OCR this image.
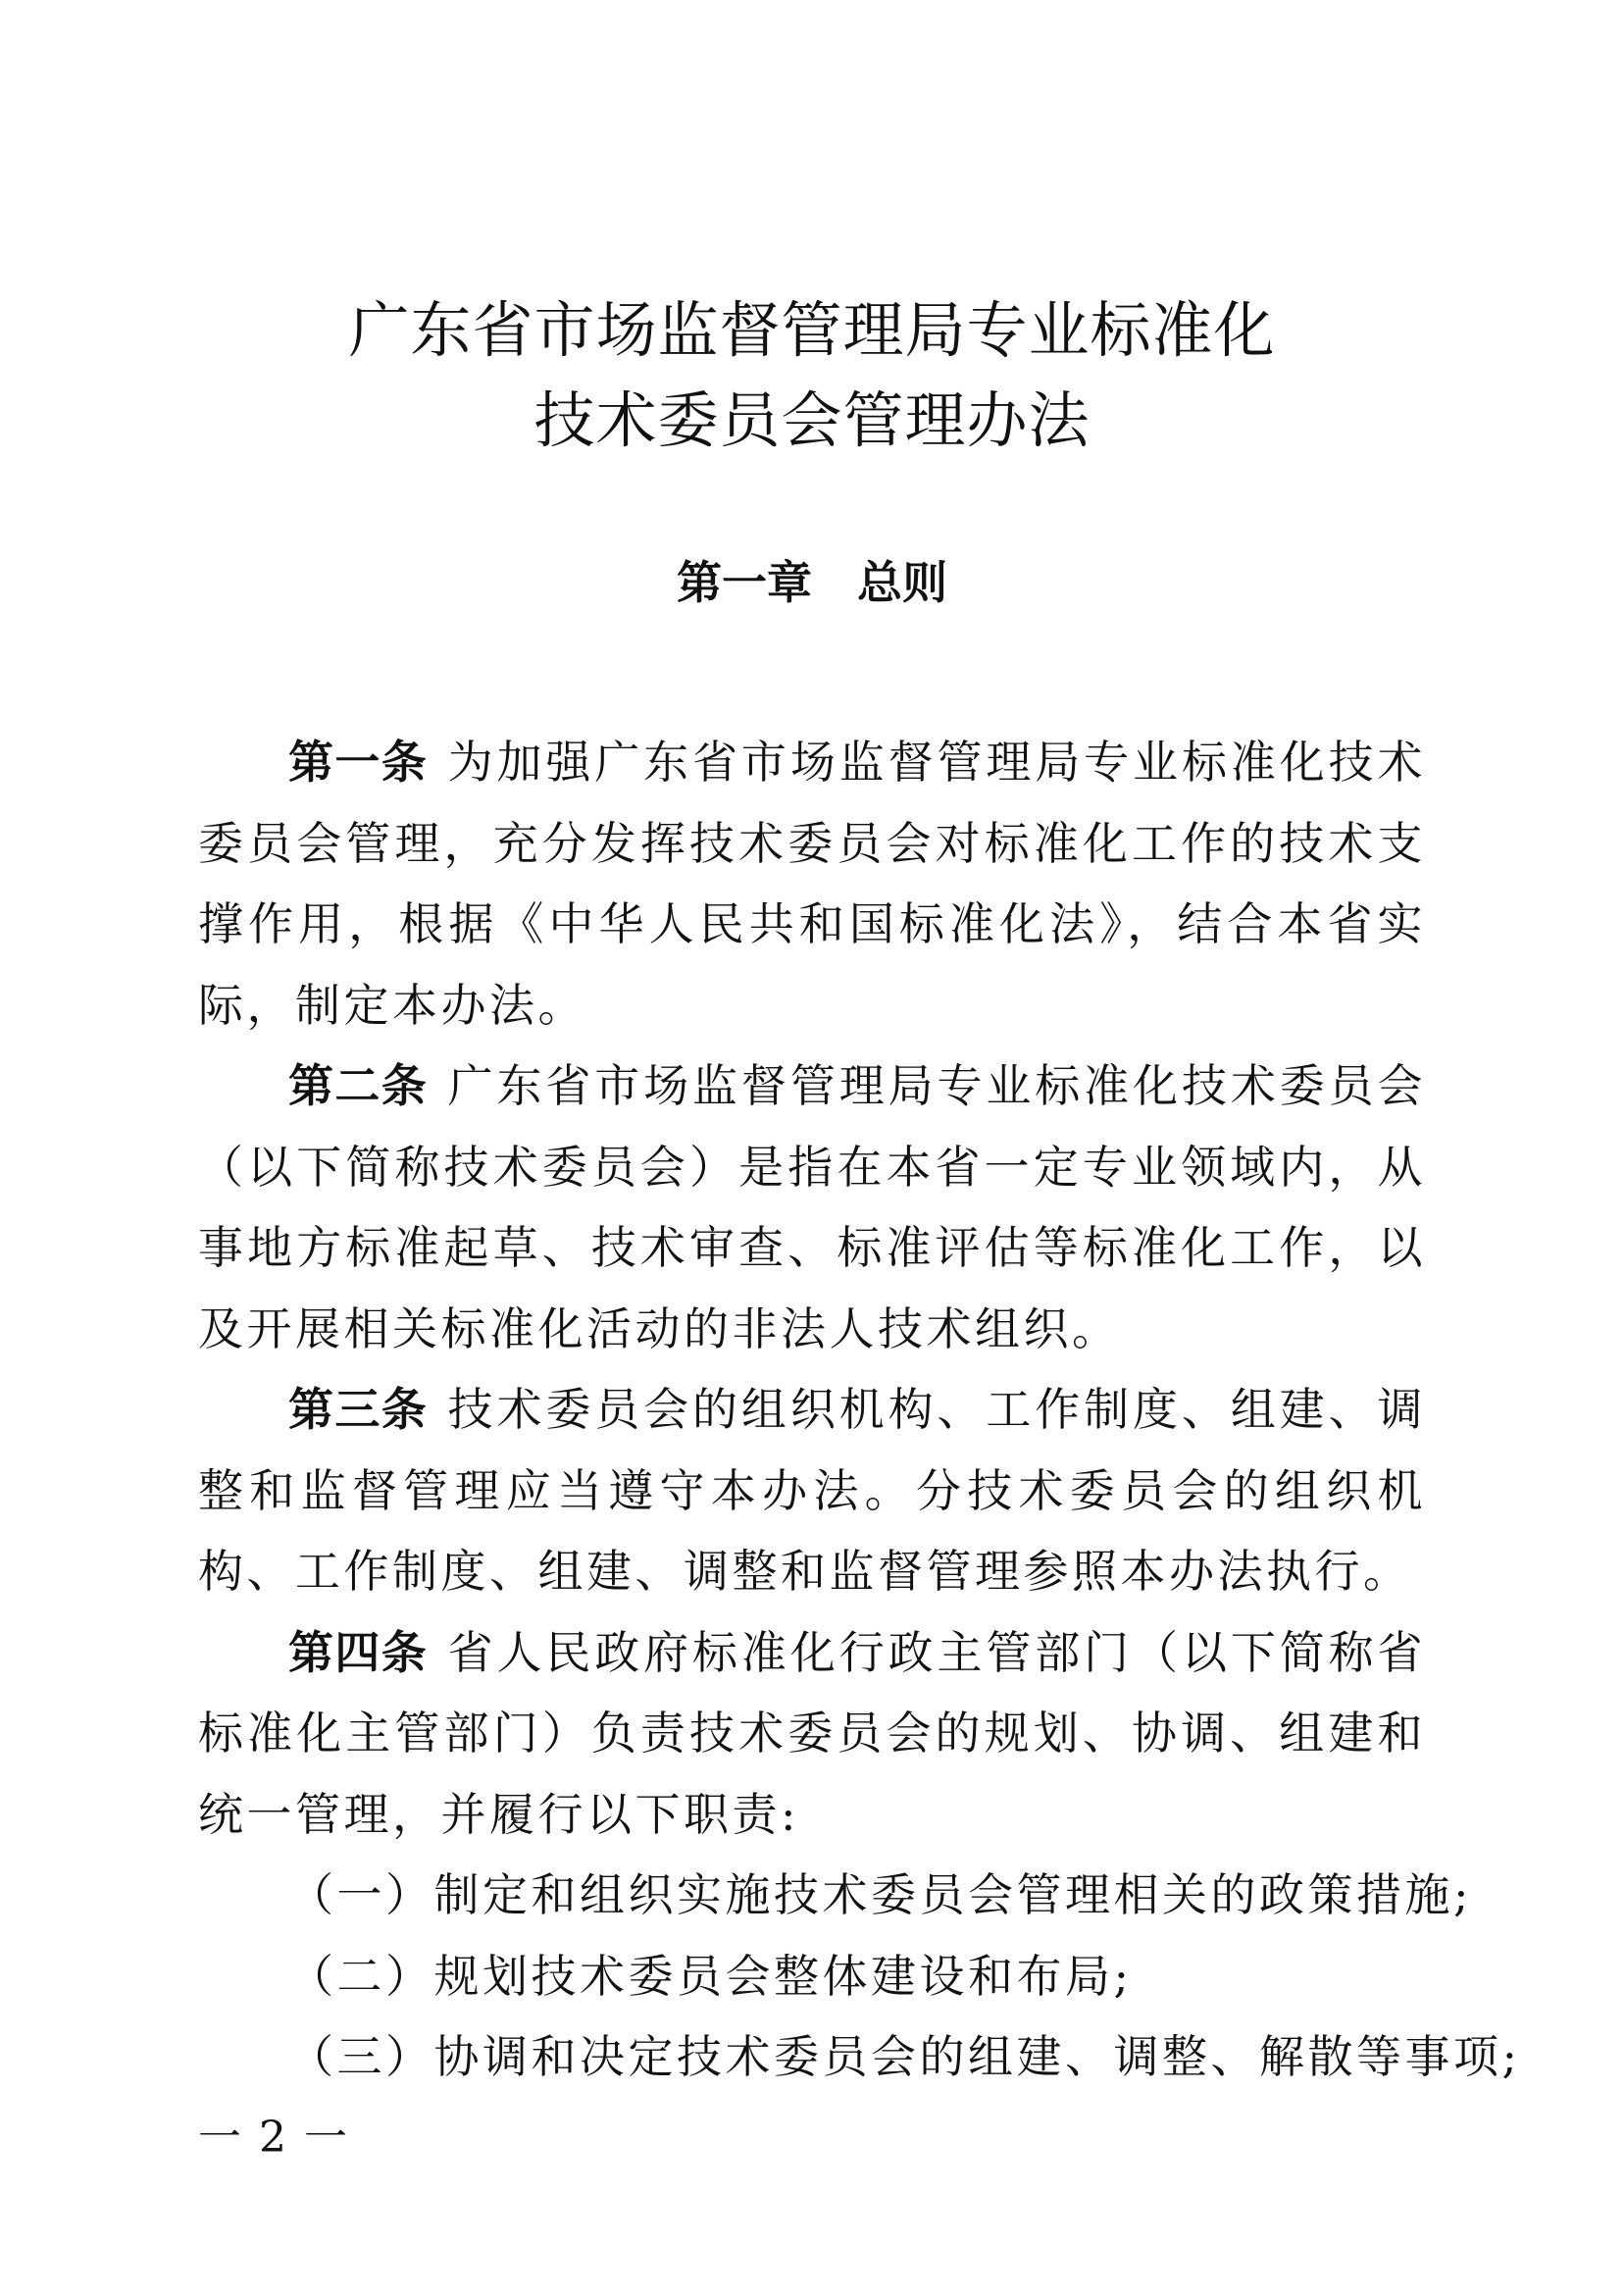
广东省市场监督管理局专业标准化
技术委员会管理办法
第一章 总则

第一条 为加强广东省市场监督管理局专业标准化技术委员会管理，充分发挥技术委员会对标准化工作的技术支撑作用，根据《中华人民共和国标准化法》，结合本省实际，制定本办法。

第二条 广东省市场监督管理局专业标准化技术委员会（以下简称技术委员会）是指在本省一定专业领域内，从事地方标准起草、技术审查、标准评估等标准化工作，以及开展相关标准化活动的非法人技术组织。

第三条 技术委员会的组织机构、工作制度、组建、调整和监督管理应当遵守本办法。分技术委员会的组织机构、工作制度、组建、调整和监督管理参照本办法执行。

第四条 省人民政府标准化行政主管部门（以下简称省标准化主管部门）负责技术委员会的规划、协调、组建和统一管理，并履行以下职责:

（一）制定和组织实施技术委员会管理相关的政策措施;

（二）规划技术委员会整体建设和布局;

（三）协调和决定技术委员会的组建、调整、解散等事项;

一 2 一
